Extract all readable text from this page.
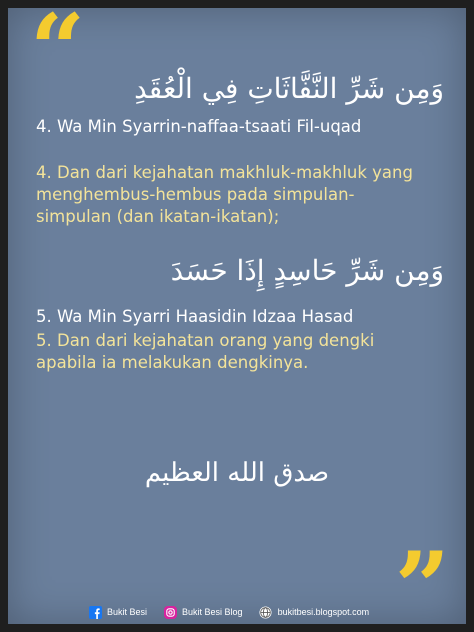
“ وَمِن شَرِّ النَّفَّاثَاتِ فِي الْعُقَدِ
4. Wa Min Syarrin-naffaa-tsaati Fil-uqad
4. Dan dari kejahatan makhluk-makhluk yang menghembus-hembus pada simpulan-simpulan (dan ikatan-ikatan);
وَمِن شَرِّ حَاسِدٍ إِذَا حَسَدَ
5. Wa Min Syarri Haasidin Idzaa Hasad
5. Dan dari kejahatan orang yang dengki apabila ia melakukan dengkinya.
صدق الله العظيم
”
Bukit Besi	Bukit Besi Blog	bukitbesi.blogspot.com
